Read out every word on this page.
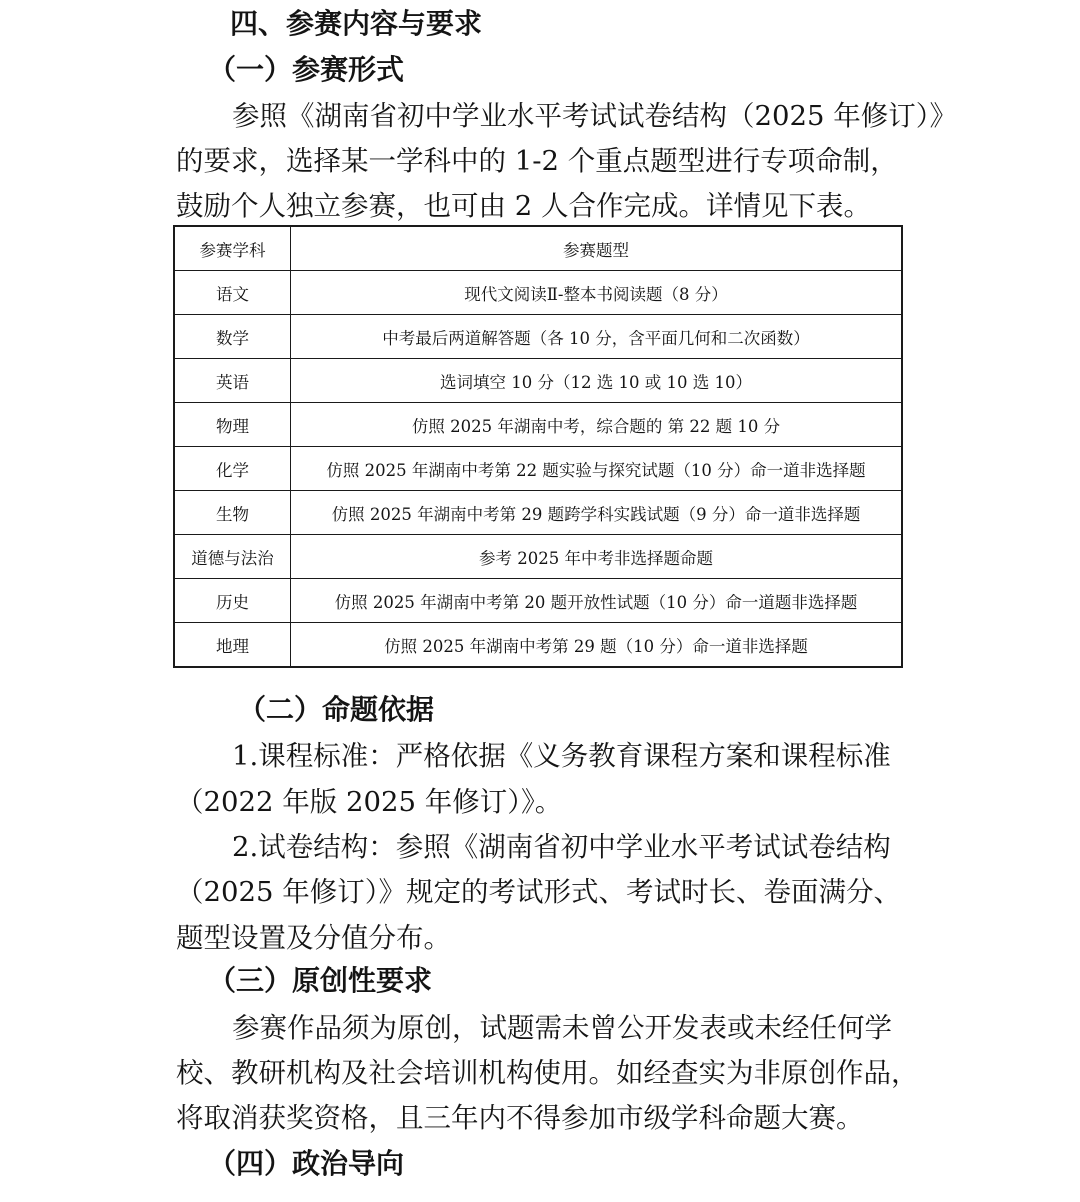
四、参赛内容与要求
（一）参赛形式

参照《湖南省初中学业水平考试试卷结构（2025 年修订）》

的要求，选择某一学科中的 1-2 个重点题型进行专项命制，

鼓励个人独立参赛，也可由 2 人合作完成。详情见下表。

参赛学科	参赛题型
语文	现代文阅读Ⅱ-整本书阅读题（8 分）
数学	中考最后两道解答题（各 10 分，含平面几何和二次函数）
英语	选词填空 10 分（12 选 10 或 10 选 10）
物理	仿照 2025 年湖南中考，综合题的 第 22 题 10 分
化学	仿照 2025 年湖南中考第 22 题实验与探究试题（10 分）命一道非选择题
生物	仿照 2025 年湖南中考第 29 题跨学科实践试题（9 分）命一道非选择题
道德与法治	参考 2025 年中考非选择题命题
历史	仿照 2025 年湖南中考第 20 题开放性试题（10 分）命一道题非选择题
地理	仿照 2025 年湖南中考第 29 题（10 分）命一道非选择题
（二）命题依据

1.课程标准：严格依据《义务教育课程方案和课程标准

（2022 年版 2025 年修订）》。

2.试卷结构：参照《湖南省初中学业水平考试试卷结构

（2025 年修订）》规定的考试形式、考试时长、卷面满分、

题型设置及分值分布。

（三）原创性要求

参赛作品须为原创，试题需未曾公开发表或未经任何学

校、教研机构及社会培训机构使用。如经查实为非原创作品，

将取消获奖资格，且三年内不得参加市级学科命题大赛。

（四）政治导向
